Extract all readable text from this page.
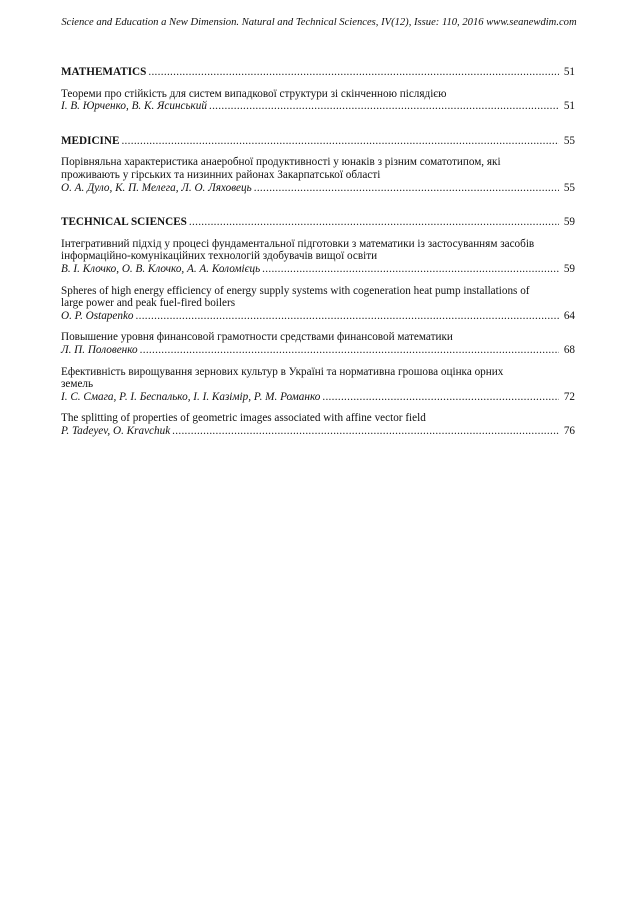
Science and Education a New Dimension. Natural and Technical Sciences, IV(12), Issue: 110, 2016 www.seanewdim.com
MATHEMATICS .....	51
Теореми про стійкість для систем випадкової структури зі скінченною післядією
І. В. Юрченко, В. К. Ясинський .....	51
MEDICINE .....	55
Порівняльна характеристика анаеробної продуктивності у юнаків з різним соматотипом, які
проживають у гірських та низинних районах Закарпатської області
О. А. Дуло, К. П. Мелега, Л. О. Ляховець .....	55
TECHNICAL SCIENCES .....	59
Інтегративний підхід у процесі фундаментальної підготовки з математики із застосуванням засобів
інформаційно-комунікаційних технологій здобувачів вищої освіти
В. І. Клочко, О. В. Клочко, А. А. Коломієць .....	59
Spheres of high energy efficiency of energy supply systems with cogeneration heat pump installations of
large power and peak fuel-fired boilers
O. P. Ostapenko .....	64
Повышение уровня финансовой грамотности средствами финансовой математики
Л. П. Половенко .....	68
Ефективність вирощування зернових культур в Україні та нормативна грошова оцінка орних
земель
І. С. Смага, Р. І. Беспалько, І. І. Казімір, Р. М. Романко .....	72
The splitting of properties of geometric images associated with affine vector field
P. Tadeyev, O. Kravchuk .....	76
